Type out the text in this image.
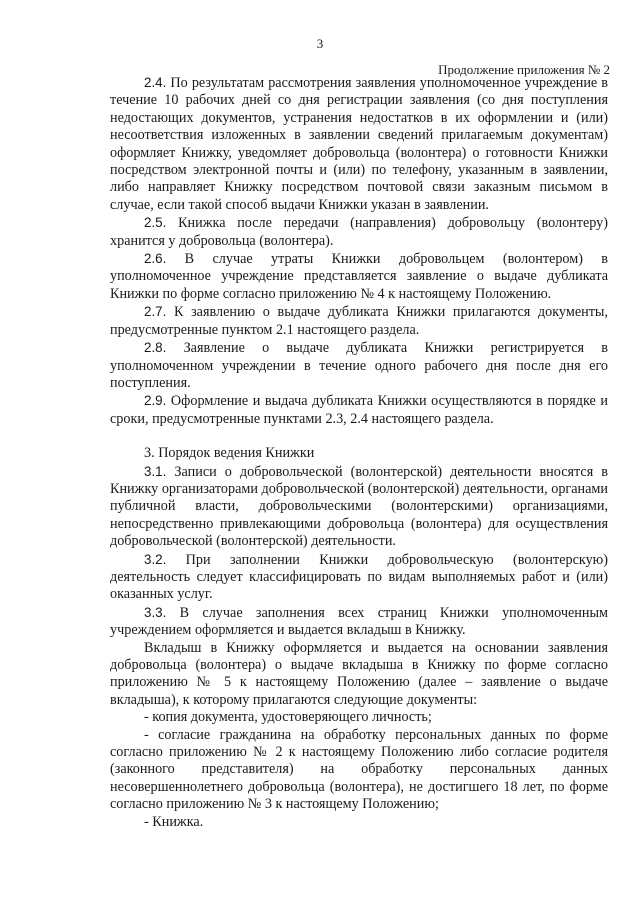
3
Продолжение приложения № 2

2.4. По результатам рассмотрения заявления уполномоченное учреждение в течение 10 рабочих дней со дня регистрации заявления (со дня поступления недостающих документов, устранения недостатков в их оформлении и (или) несоответствия изложенных в заявлении сведений прилагаемым документам) оформляет Книжку, уведомляет добровольца (волонтера) о готовности Книжки посредством электронной почты и (или) по телефону, указанным в заявлении, либо направляет Книжку посредством почтовой связи заказным письмом в случае, если такой способ выдачи Книжки указан в заявлении.

2.5. Книжка после передачи (направления) добровольцу (волонтеру) хранится у добровольца (волонтера).

2.6. В случае утраты Книжки добровольцем (волонтером) в уполномоченное учреждение представляется заявление о выдаче дубликата Книжки по форме согласно приложению № 4 к настоящему Положению.

2.7. К заявлению о выдаче дубликата Книжки прилагаются документы, предусмотренные пунктом 2.1 настоящего раздела.

2.8. Заявление о выдаче дубликата Книжки регистрируется в уполномоченном учреждении в течение одного рабочего дня после дня его поступления.

2.9. Оформление и выдача дубликата Книжки осуществляются в порядке и сроки, предусмотренные пунктами 2.3, 2.4 настоящего раздела.

3. Порядок ведения Книжки

3.1. Записи о добровольческой (волонтерской) деятельности вносятся в Книжку организаторами добровольческой (волонтерской) деятельности, органами публичной власти, добровольческими (волонтерскими) организациями, непосредственно привлекающими добровольца (волонтера) для осуществления добровольческой (волонтерской) деятельности.

3.2. При заполнении Книжки добровольческую (волонтерскую) деятельность следует классифицировать по видам выполняемых работ и (или) оказанных услуг.

3.3. В случае заполнения всех страниц Книжки уполномоченным учреждением оформляется и выдается вкладыш в Книжку.

Вкладыш в Книжку оформляется и выдается на основании заявления добровольца (волонтера) о выдаче вкладыша в Книжку по форме согласно приложению № 5 к настоящему Положению (далее – заявление о выдаче вкладыша), к которому прилагаются следующие документы:

- копия документа, удостоверяющего личность;

- согласие гражданина на обработку персональных данных по форме согласно приложению № 2 к настоящему Положению либо согласие родителя (законного представителя) на обработку персональных данных несовершеннолетнего добровольца (волонтера), не достигшего 18 лет, по форме согласно приложению № 3 к настоящему Положению;

- Книжка.
